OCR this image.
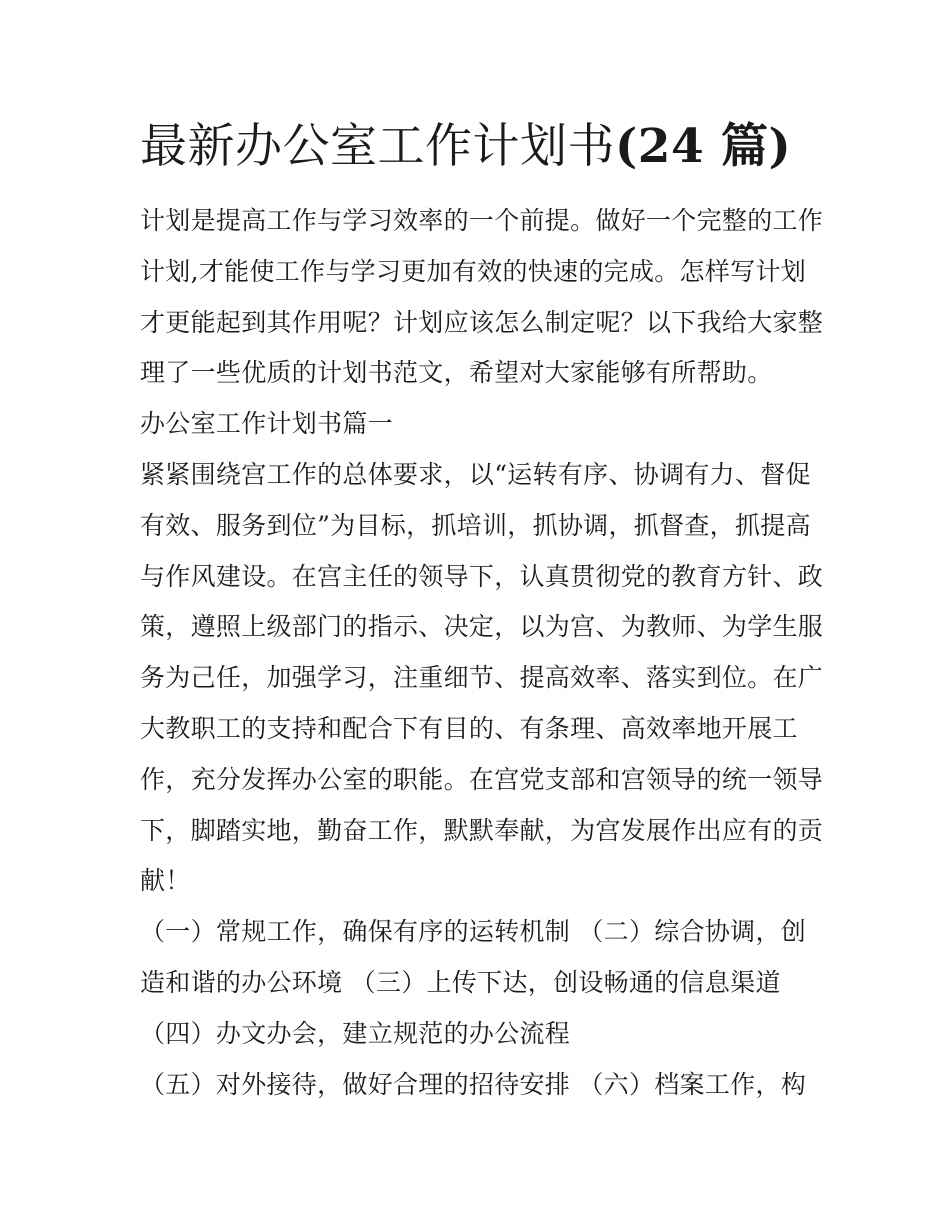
最新办公室工作计划书(24 篇)

计划是提高工作与学习效率的一个前提。做好一个完整的工作

计划,才能使工作与学习更加有效的快速的完成。怎样写计划

才更能起到其作用呢？计划应该怎么制定呢？以下我给大家整

理了一些优质的计划书范文，希望对大家能够有所帮助。

办公室工作计划书篇一

紧紧围绕宫工作的总体要求，以“运转有序、协调有力、督促

有效、服务到位”为目标，抓培训，抓协调，抓督查，抓提高

与作风建设。在宫主任的领导下，认真贯彻党的教育方针、政

策，遵照上级部门的指示、决定，以为宫、为教师、为学生服

务为己任，加强学习，注重细节、提高效率、落实到位。在广

大教职工的支持和配合下有目的、有条理、高效率地开展工

作，充分发挥办公室的职能。在宫党支部和宫领导的统一领导

下，脚踏实地，勤奋工作，默默奉献，为宫发展作出应有的贡

献！

（一）常规工作，确保有序的运转机制 （二）综合协调，创

造和谐的办公环境 （三）上传下达，创设畅通的信息渠道

（四）办文办会，建立规范的办公流程

（五）对外接待，做好合理的招待安排 （六）档案工作，构
